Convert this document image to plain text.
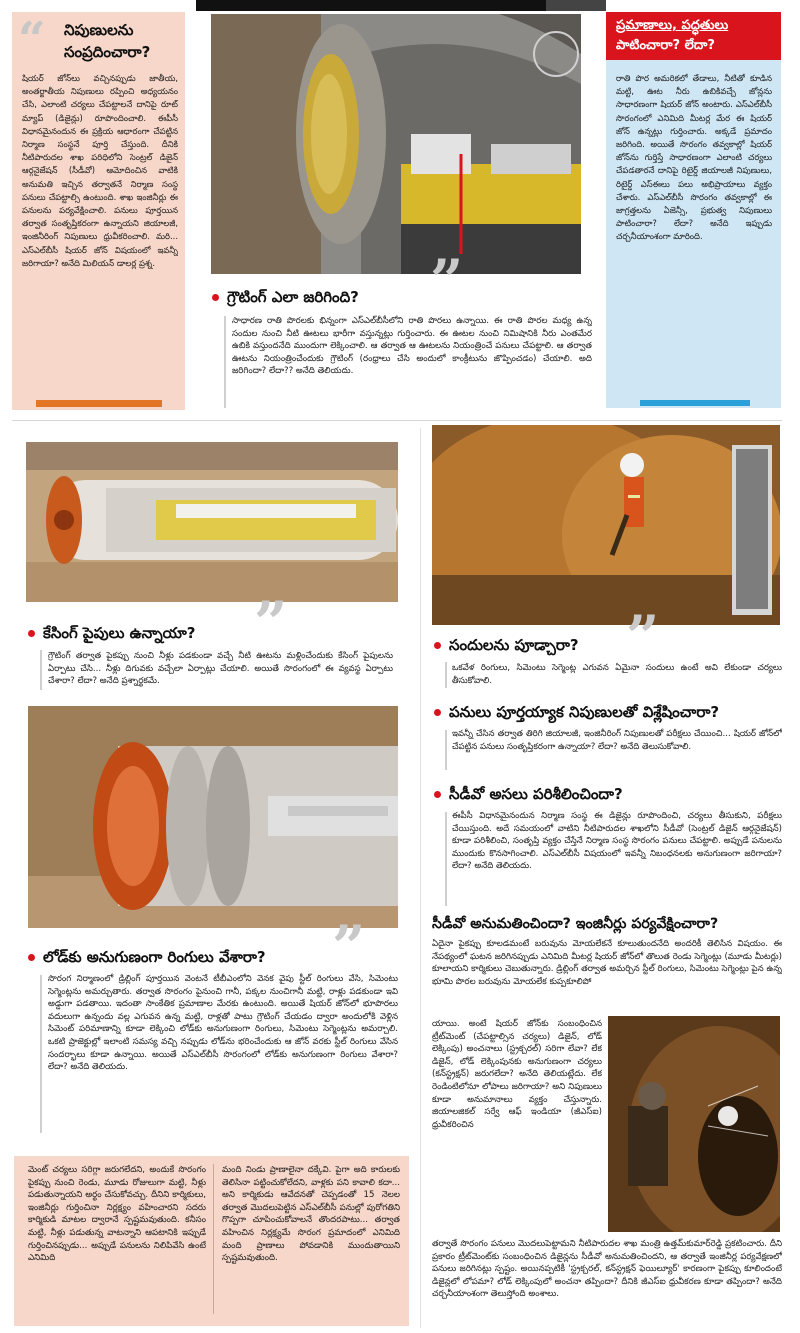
“ నిపుణులను
సంప్రదించారా?
షియర్ జోన్‌లు వచ్చినప్పుడు జాతీయ, అంతర్జాతీయ నిపుణులు రప్పించి అధ్యయనం చేసి, ఎలాంటి చర్యలు చేపట్టాలనే దానిపై రూట్ మ్యాప్ (డిజైన్లు) రూపొందించాలి. ఈపీసీ విధానమైనందున ఈ ప్రక్రియ ఆధారంగా చేపట్టిన నిర్మాణ సంస్థనే పూర్తి చేస్తుంది. దీనికి నీటిపారుదల శాఖ పరిధిలోని సెంట్రల్ డిజైన్ ఆర్గనైజేషన్ (సీడీవో) ఆమోదించిన వాటికి అనుమతి ఇచ్చిన తర్వాతనే నిర్మాణ సంస్థ పనులు చేపట్టాల్సి ఉంటుంది. శాఖ ఇంజినీర్లు ఈ పనులను పర్యవేక్షించాలి. పనులు పూర్తయిన తర్వాత సంతృప్తికరంగా ఉన్నాయని జియాలజీ, ఇంజినీరింగ్ నిపుణులు ధ్రువీకరించాలి. మరి... ఎస్ఎల్‌బీసీ షియర్ జోన్ విషయంలో ఇవన్నీ జరిగాయా? అనేది మిలియన్ డాలర్ల ప్రశ్న.
ప్రమాణాలు, పద్ధతులు
పాటించారా? లేదా?
రాతి పొర అమరికలో తేడాలు, నీటితో కూడిన మట్టి, ఊట నీరు ఉబికివచ్చే జోన్లను సాధారణంగా షియర్ జోన్ అంటారు. ఎస్ఎల్‌బీసీ సొరంగంలో ఎనిమిది మీటర్ల మేర ఈ షియర్ జోన్ ఉన్నట్లు గుర్తించారు. అక్కడే ప్రమాదం జరిగింది. అయితే సొరంగం తవ్వకాల్లో షియర్ జోన్‌ను గుర్తిస్తే సాధారణంగా ఎలాంటి చర్యలు చేపడతారనే దానిపై రిటైర్డ్ జియాలజీ నిపుణులు, రిటైర్డ్ ఎస్‌ఈలు పలు అభిప్రాయాలు వ్యక్తం చేశారు. ఎస్ఎల్‌బీసీ సొరంగం తవ్వకాల్లో ఈ జాగ్రత్తలను ఏజెన్సీ, ప్రభుత్వ నిపుణులు పాటించారా? లేదా? అనేది ఇప్పుడు చర్చనీయాంశంగా మారింది.
”
గ్రౌటింగ్ ఎలా జరిగింది?
సాధారణ రాతి పొరలకు భిన్నంగా ఎస్ఎల్‌బీసీలోని రాతి పొరలు ఉన్నాయి. ఈ రాతి పొరల మధ్య ఉన్న సందుల నుంచి నీటి ఊటలు భారీగా వస్తున్నట్లు గుర్తించారు. ఈ ఊటల నుంచి నిమిషానికి నీరు ఎంతమేర ఉబికి వస్తుందనేది ముందుగా లెక్కించాలి. ఆ తర్వాత ఆ ఊటలను నియంత్రించే పనులు చేపట్టాలి. ఆ తర్వాత ఊటను నియంత్రించేందుకు గ్రౌటింగ్ (రంధ్రాలు చేసి అందులో కాంక్రీటును జొప్పించడం) చేయాలి. అది జరిగిందా? లేదా?? అనేది తెలియదు.
”
కేసింగ్ పైపులు ఉన్నాయా?
గ్రౌటింగ్ తర్వాత పైకప్పు నుంచి నీళ్లు పడకుండా వచ్చే నీటి ఊటను మళ్లించేందుకు కేసింగ్ పైపులను ఏర్పాటు చేసి... నీళ్లు దిగువకు వచ్చేలా ఏర్పాట్లు చేయాలి. అయితే సొరంగంలో ఈ వ్యవస్థ ఏర్పాటు చేశారా? లేదా? అనేది ప్రశ్నార్థకమే.
”
లోడ్‌కు అనుగుణంగా రింగులు వేశారా?
సొరంగ నిర్మాణంలో డ్రిల్లింగ్ పూర్తయిన వెంటనే టీబీఎంలోని వెనక వైపు స్టీల్ రింగులు వేసి, సిమెంటు సెగ్మెంట్లను అమర్చుతారు. తర్వాత సొరంగం పైనుంచి గానీ, పక్కల నుంచిగానీ మట్టి, రాళ్లు పడకుండా ఇవి అడ్డుగా పడతాయి. ఇదంతా సాంకేతిక ప్రమాణాల మేరకు ఉంటుంది. అయితే షియర్ జోన్‌లో భూపొరలు వదులుగా ఉన్నందు వల్ల ఎగువన ఉన్న మట్టి, రాళ్లతో పాటు గ్రౌటింగ్ చేయడం ద్వారా అందులోకి వెళ్లిన సిమెంట్ పరిమాణాన్ని కూడా లెక్కించి లోడ్‌కు అనుగుణంగా రింగులు, సిమెంటు సెగ్మెంట్లను అమర్చాలి. ఒకటి ప్రాజెక్టుల్లో ఇలాంటి సమస్య వచ్చి నప్పుడు లోడ్‌ను భరించేందుకు ఆ జోన్ వరకు స్టీల్ రింగులు వేసిన సందర్భాలు కూడా ఉన్నాయి. అయితే ఎస్ఎల్‌బీసీ సొరంగంలో లోడ్‌కు అనుగుణంగా రింగులు వేశారా? లేదా? అనేది తెలియదు.
”
సందులను పూడ్చారా?
ఒకవేళ రింగులు, సిమెంటు సెగ్మెంట్ల ఎగువన ఏమైనా సందులు ఉంటే అవి లేకుండా చర్యలు తీసుకోవాలి.
పనులు పూర్తయ్యాక నిపుణులతో విశ్లేషించారా?
ఇవన్నీ చేసిన తర్వాత తిరిగి జియాలజీ, ఇంజినీరింగ్ నిపుణులతో పరీక్షలు చేయించి... షియర్ జోన్‌లో చేపట్టిన పనులు సంతృప్తికరంగా ఉన్నాయా? లేదా? అనేది తెలుసుకోవాలి.
సీడీవో అసలు పరిశీలించిందా?
ఈపీసీ విధానమైనందున నిర్మాణ సంస్థ ఈ డిజైన్లు రూపొందించి, చర్యలు తీసుకుని, పరీక్షలు చేయిస్తుంది. అదే సమయంలో వాటిని నీటిపారుదల శాఖలోని సీడీవో (సెంట్రల్ డిజైన్ ఆర్గనైజేషన్) కూడా పరిశీలించి, సంతృప్తి వ్యక్తం చేస్తేనే నిర్మాణ సంస్థ సొరంగం పనులు చేపట్టాలి. అప్పుడే పనులను ముందుకు కొనసాగించాలి. ఎస్ఎల్‌బీసీ విషయంలో ఇవన్నీ నిబంధనలకు అనుగుణంగా జరిగాయా? లేదా? అనేది తెలియదు.
సీడీవో అనుమతించిందా? ఇంజినీర్లు పర్యవేక్షించారా?
ఏదైనా పైకప్పు కూలడమంటే బరువును మోయలేకనే కూలుతుందనేది అందరికీ తెలిసిన విషయం. ఈ నేపథ్యంలో ఘటన జరిగినప్పుడు ఎనిమిది మీటర్ల షియర్ జోన్‌లో తొలుత రెండు సెగ్మెంట్లు (మూడు మీటర్లు) కూలాయని కార్మికులు చెబుతున్నారు. డ్రిల్లింగ్ తర్వాత అమర్చిన స్టీల్ రింగులు, సిమెంటు సెగ్మెంట్లు పైన ఉన్న భూమి పొరల బరువును మోయలేక కుప్పకూలిపో
యాయి. అంటే షియర్ జోన్‌కు సంబంధించిన ట్రీట్‌మెంట్ (చేపట్టాల్సిన చర్యలు) డిజైన్, లోడ్ లెక్కింపు) అంచనాలు (స్ట్రక్చరల్) సరిగా లేవా? లేక డిజైన్, లోడ్ లెక్కింపునకు అనుగుణంగా చర్యలు (కన్‌స్ట్రక్షన్) జరుగలేదా? అనేది తెలియట్లేదు. లేక రెండింటిలోనూ లోపాలు జరిగాయా? అని నిపుణులు కూడా అనుమానాలు వ్యక్తం చేస్తున్నారు. జియాలజికల్ సర్వే ఆఫ్ ఇండియా (జీఎస్ఐ) ధ్రువీకరించిన
తర్వాతే సొరంగం పనులు మొదలుపెట్టామని నీటిపారుదల శాఖ మంత్రి ఉత్తమ్‌కుమార్‌రెడ్డి ప్రకటించారు. దీని ప్రకారం ట్రీట్‌మెంట్‌కు సంబంధించిన డిజైన్లను సీడీవో అనుమతించిందని, ఆ తర్వాతే ఇంజినీర్ల పర్యవేక్షణలో పనులు జరిగినట్లు స్పష్టం. అయినప్పటికీ 'స్ట్రక్చరల్, కన్‌స్ట్రక్షన్ ఫెయిల్యూర్' కారణంగా పైకప్పు కూలిందంటే డిజైన్లలో లోపమా? లోడ్ లెక్కింపులో అంచనా తప్పిందా? దీనికి జీఎస్ఐ ధ్రువీకరణ కూడా తప్పిందా? అనేది చర్చనీయాంశంగా తెలుస్తోంది అంశాలు.
మెంట్ చర్యలు సరిగ్గా జరుగలేదని, అందుకే సొరంగం పైకప్పు నుంచి రెండు, మూడు రోజులుగా మట్టి, నీళ్లు పడుతున్నాయని అర్థం చేసుకోవచ్చు. దీనిని కార్మికులు, ఇంజినీర్లు గుర్తించినా నిర్లక్ష్యం వహించారని సదరు కార్మికుడి మాటల ద్వారానే స్పష్టమవుతుంది. కనీసం మట్టి, నీళ్లు పడుతున్న వాటన్నాని ఆపటానికి ఇప్పుడే గుర్తించినప్పుడు... అప్పుడే పనులను నిలిపివేసి ఉంటే ఎనిమిది
మంది నిండు ప్రాణాలైనా దక్కేవి. పైగా అది కారులకు తెలిసినా పట్టించుకోలేదని, వాళ్లకు పని కావాలి కదా... అని కార్మికుడు ఆవేదనతో చెప్పడంతో 15 నెలల తర్వాత మొదలుపెట్టిన ఎస్ఎల్‌బీసీ పనుల్లో పురోగతిని గొప్పగా చూపించుకోవాలనే తొందరపాటు... తర్వాత వహించిన నిర్లక్ష్యమే సొరంగ ప్రమాదంలో ఎనిమిది మంది ప్రాణాలు పోవడానికి ముందుతాయిని స్పష్టమవుతుంది.
